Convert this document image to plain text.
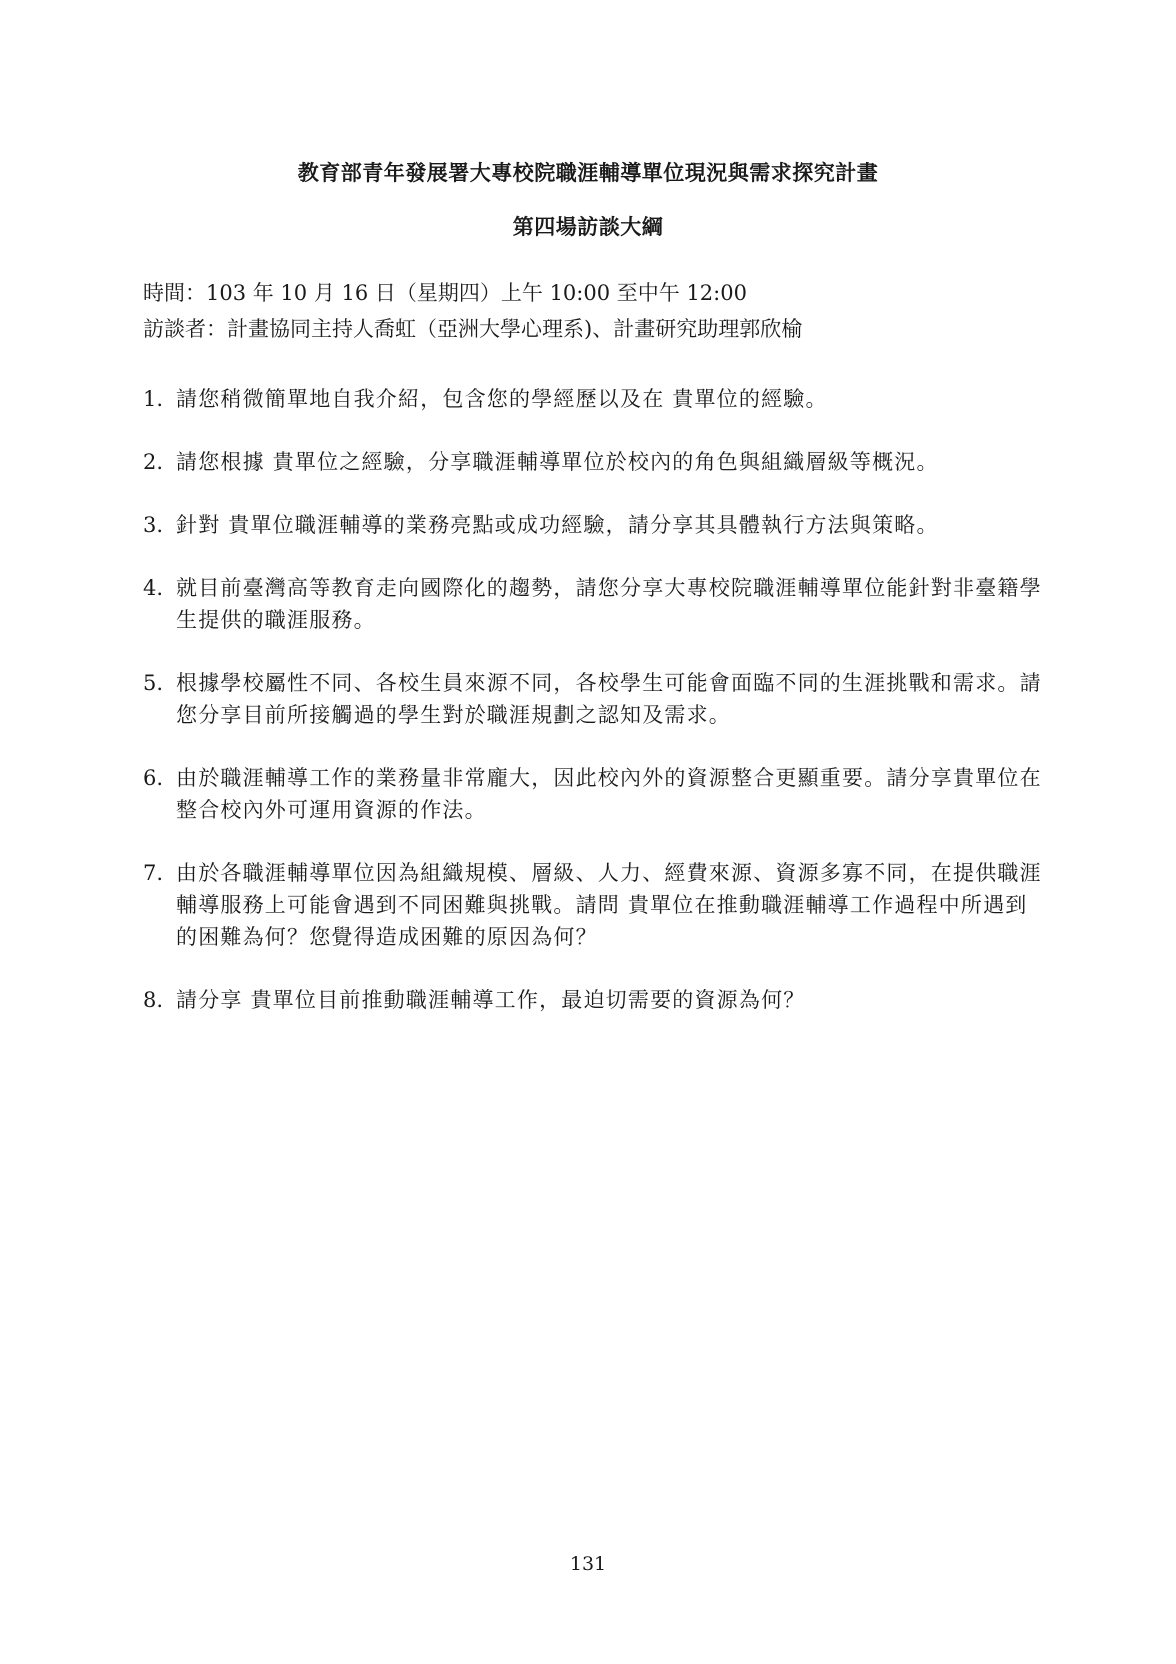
教育部青年發展署大專校院職涯輔導單位現況與需求探究計畫
第四場訪談大綱

時間：103 年 10 月 16 日（星期四）上午 10:00 至中午 12:00

訪談者：計畫協同主持人喬虹（亞洲大學心理系)、計畫研究助理郭欣榆

1. 請您稍微簡單地自我介紹，包含您的學經歷以及在 貴單位的經驗。
2. 請您根據 貴單位之經驗，分享職涯輔導單位於校內的角色與組織層級等概況。
3. 針對 貴單位職涯輔導的業務亮點或成功經驗，請分享其具體執行方法與策略。
4. 就目前臺灣高等教育走向國際化的趨勢，請您分享大專校院職涯輔導單位能針對非臺籍學生提供的職涯服務。
5. 根據學校屬性不同、各校生員來源不同，各校學生可能會面臨不同的生涯挑戰和需求。請您分享目前所接觸過的學生對於職涯規劃之認知及需求。
6. 由於職涯輔導工作的業務量非常龐大，因此校內外的資源整合更顯重要。請分享貴單位在整合校內外可運用資源的作法。
7. 由於各職涯輔導單位因為組織規模、層級、人力、經費來源、資源多寡不同，在提供職涯輔導服務上可能會遇到不同困難與挑戰。請問 貴單位在推動職涯輔導工作過程中所遇到的困難為何？您覺得造成困難的原因為何？
8. 請分享 貴單位目前推動職涯輔導工作，最迫切需要的資源為何？

131
